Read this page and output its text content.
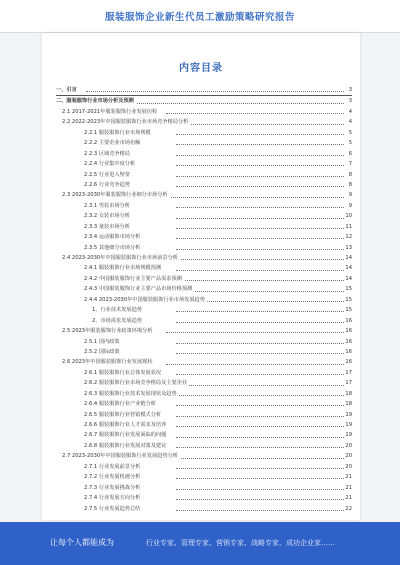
服装服饰企业新生代员工激励策略研究报告
内容目录
一、引言	3
二、服装服饰行业市场分析及预测	3
2.1 2017-2021年服装服饰行业发展历程	4
2.2 2022-2023年中国服装服饰行业市场竞争格局分析	4
2.2.1 服装服饰行业市场规模	5
2.2.2 主要企业市场份额	5
2.2.3 区域竞争格局	6
2.2.4 行业集中度分析	7
2.2.5 行业进入壁垒	8
2.2.6 行业竞争趋势	8
2.3 2023-2030年服装服饰行业细分市场分析	9
2.3.1 男装市场分析	9
2.3.2 女装市场分析	10
2.3.3 童装市场分析	11
2.3.4 运动服饰市场分析	12
2.3.5 其他细分市场分析	13
2.4 2023-2030年中国服装服饰行业市场前景分析	14
2.4.1 服装服饰行业市场规模预测	14
2.4.2 中国服装服饰行业主要产品需求预测	14
2.4.3 中国服装服饰行业主要产品市场价格预测	15
2.4.4 2023-2030年中国服装服饰行业市场发展趋势	15
1、行业技术发展趋势	15
2、市场需求发展趋势	16
2.5 2023年服装服饰行业政策环境分析	16
2.5.1 国内政策	16
2.5.2 国际政策	16
2.6 2023年中国服装服饰行业发展现状	16
2.6.1 服装服饰行业总体发展状况	17
2.6.2 服装服饰行业市场竞争格局及主要企业	17
2.6.3 服装服饰行业技术发展现状及趋势	18
2.6.4 服装服饰行业产业链分析	18
2.6.5 服装服饰行业营销模式分析	19
2.6.6 服装服饰行业人才需求及培养	19
2.6.7 服装服饰行业发展面临的问题	19
2.6.8 服装服饰行业发展对策及建议	20
2.7 2023-2030年中国服装服饰行业发展趋势分析	20
2.7.1 行业发展前景分析	20
2.7.2 行业发展机遇分析	21
2.7.3 行业发展挑战分析	21
2.7.4 行业发展方向分析	21
2.7.5 行业发展趋势总结	22
让每个人都能成为	行业专家、管理专家、营销专家、战略专家、成功企业家……
